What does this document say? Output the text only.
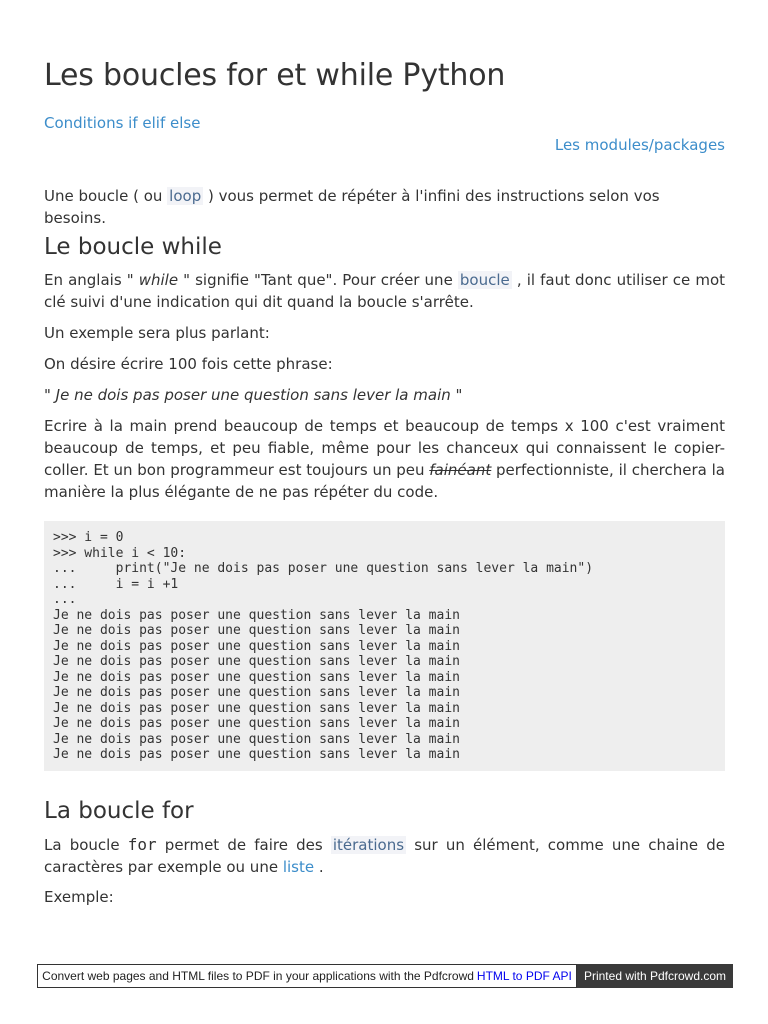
Les boucles for et while Python
Conditions if elif else
Les modules/packages

Une boucle ( ou loop ) vous permet de répéter à l'infini des instructions selon vos besoins.

Le boucle while

En anglais " while " signifie "Tant que". Pour créer une boucle , il faut donc utiliser ce mot clé suivi d'une indication qui dit quand la boucle s'arrête.

Un exemple sera plus parlant:

On désire écrire 100 fois cette phrase:

" Je ne dois pas poser une question sans lever la main "

Ecrire à la main prend beaucoup de temps et beaucoup de temps x 100 c'est vraiment beaucoup de temps, et peu fiable, même pour les chanceux qui connaissent le copier-coller. Et un bon programmeur est toujours un peu fainéant perfectionniste, il cherchera la manière la plus élégante de ne pas répéter du code.

>>> i = 0
>>> while i < 10:
...     print("Je ne dois pas poser une question sans lever la main")
...     i = i +1
...
Je ne dois pas poser une question sans lever la main
Je ne dois pas poser une question sans lever la main
Je ne dois pas poser une question sans lever la main
Je ne dois pas poser une question sans lever la main
Je ne dois pas poser une question sans lever la main
Je ne dois pas poser une question sans lever la main
Je ne dois pas poser une question sans lever la main
Je ne dois pas poser une question sans lever la main
Je ne dois pas poser une question sans lever la main
Je ne dois pas poser une question sans lever la main
La boucle for

La boucle for permet de faire des itérations sur un élément, comme une chaine de caractères par exemple ou une liste .

Exemple:

Convert web pages and HTML files to PDF in your applications with the Pdfcrowd HTML to PDF API	Printed with Pdfcrowd.com
